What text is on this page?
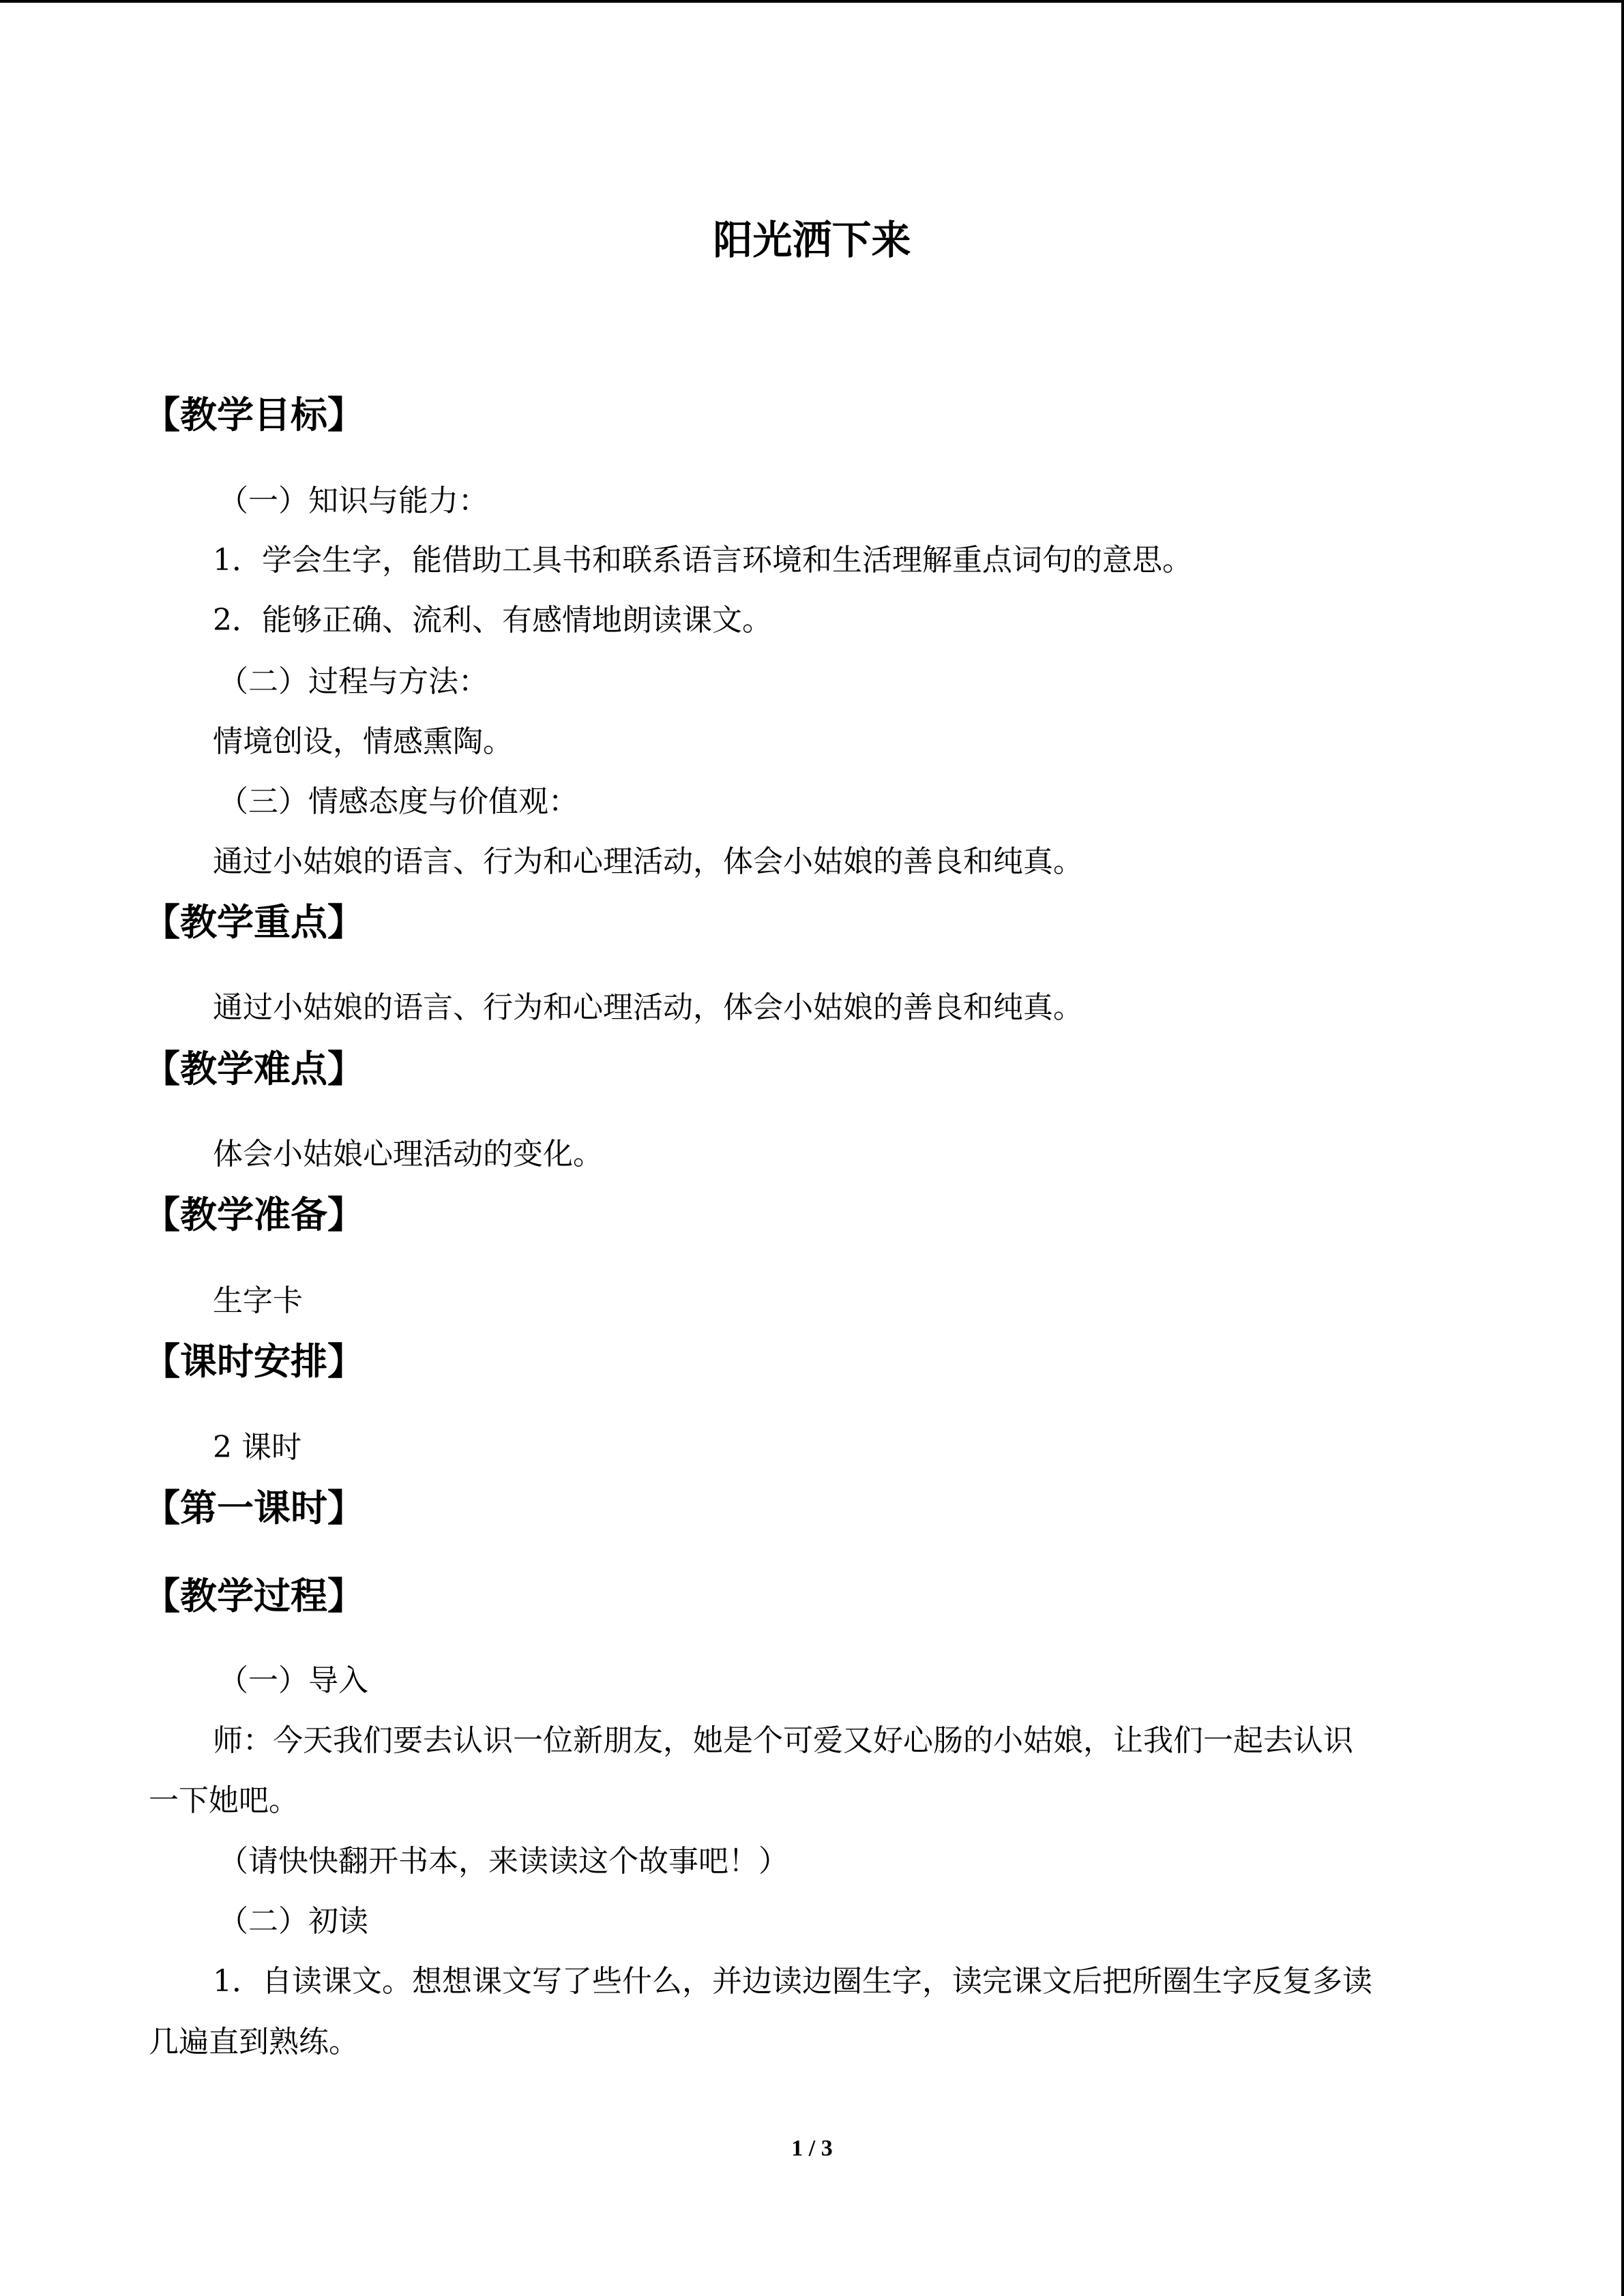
阳光洒下来
【教学目标】
（一）知识与能力：
1．学会生字，能借助工具书和联系语言环境和生活理解重点词句的意思。
2．能够正确、流利、有感情地朗读课文。
（二）过程与方法：
情境创设，情感熏陶。
（三）情感态度与价值观：
通过小姑娘的语言、行为和心理活动，体会小姑娘的善良和纯真。
【教学重点】
通过小姑娘的语言、行为和心理活动，体会小姑娘的善良和纯真。
【教学难点】
体会小姑娘心理活动的变化。
【教学准备】
生字卡
【课时安排】
2 课时
【第一课时】
【教学过程】
（一）导入
师：今天我们要去认识一位新朋友，她是个可爱又好心肠的小姑娘，让我们一起去认识
一下她吧。
（请快快翻开书本，来读读这个故事吧！）
（二）初读
1．自读课文。想想课文写了些什么，并边读边圈生字，读完课文后把所圈生字反复多读
几遍直到熟练。
1 / 3
